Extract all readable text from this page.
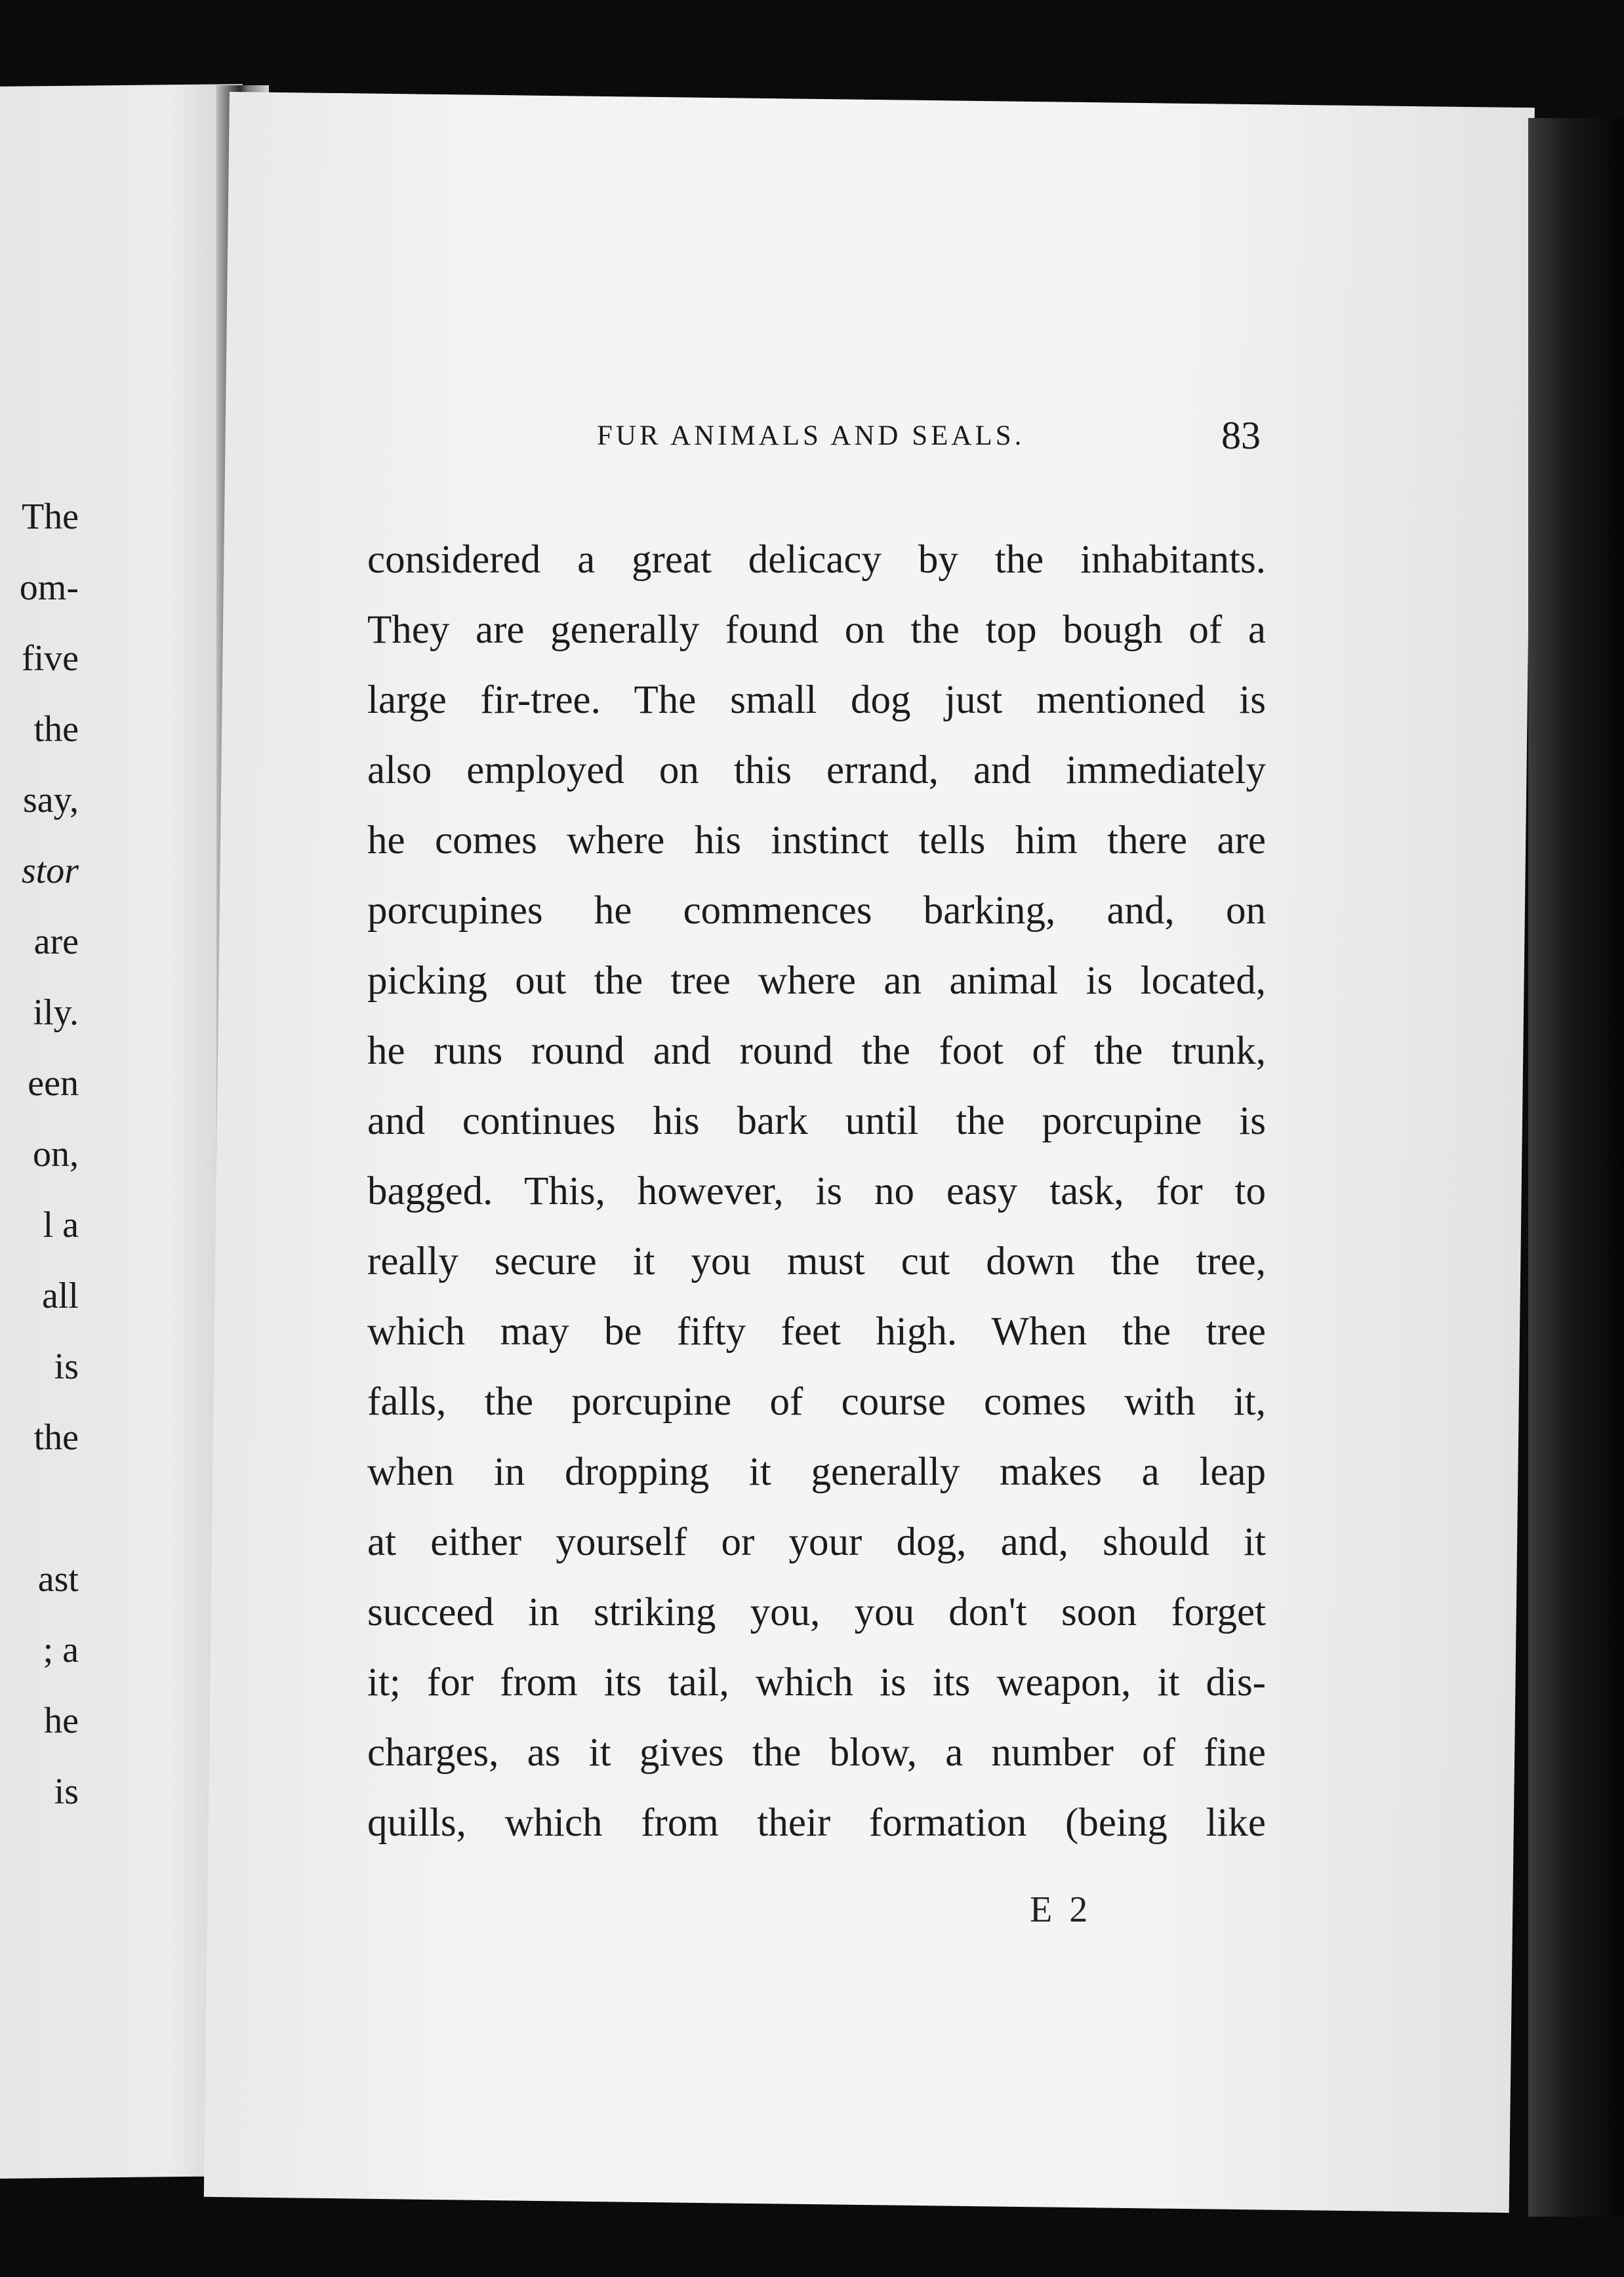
The
om-
five
the
say,
stor
are
ily.
een
on,
l a
all
is
the
ast
; a
he
is
FUR ANIMALS AND SEALS.	83
considered a great delicacy by the inhabitants.
They are generally found on the top bough of a
large fir-tree. The small dog just mentioned is
also employed on this errand, and immediately
he comes where his instinct tells him there are
porcupines he commences barking, and, on
picking out the tree where an animal is located,
he runs round and round the foot of the trunk,
and continues his bark until the porcupine is
bagged. This, however, is no easy task, for to
really secure it you must cut down the tree,
which may be fifty feet high. When the tree
falls, the porcupine of course comes with it,
when in dropping it generally makes a leap
at either yourself or your dog, and, should it
succeed in striking you, you don't soon forget
it; for from its tail, which is its weapon, it dis-
charges, as it gives the blow, a number of fine
quills, which from their formation (being like
E 2
